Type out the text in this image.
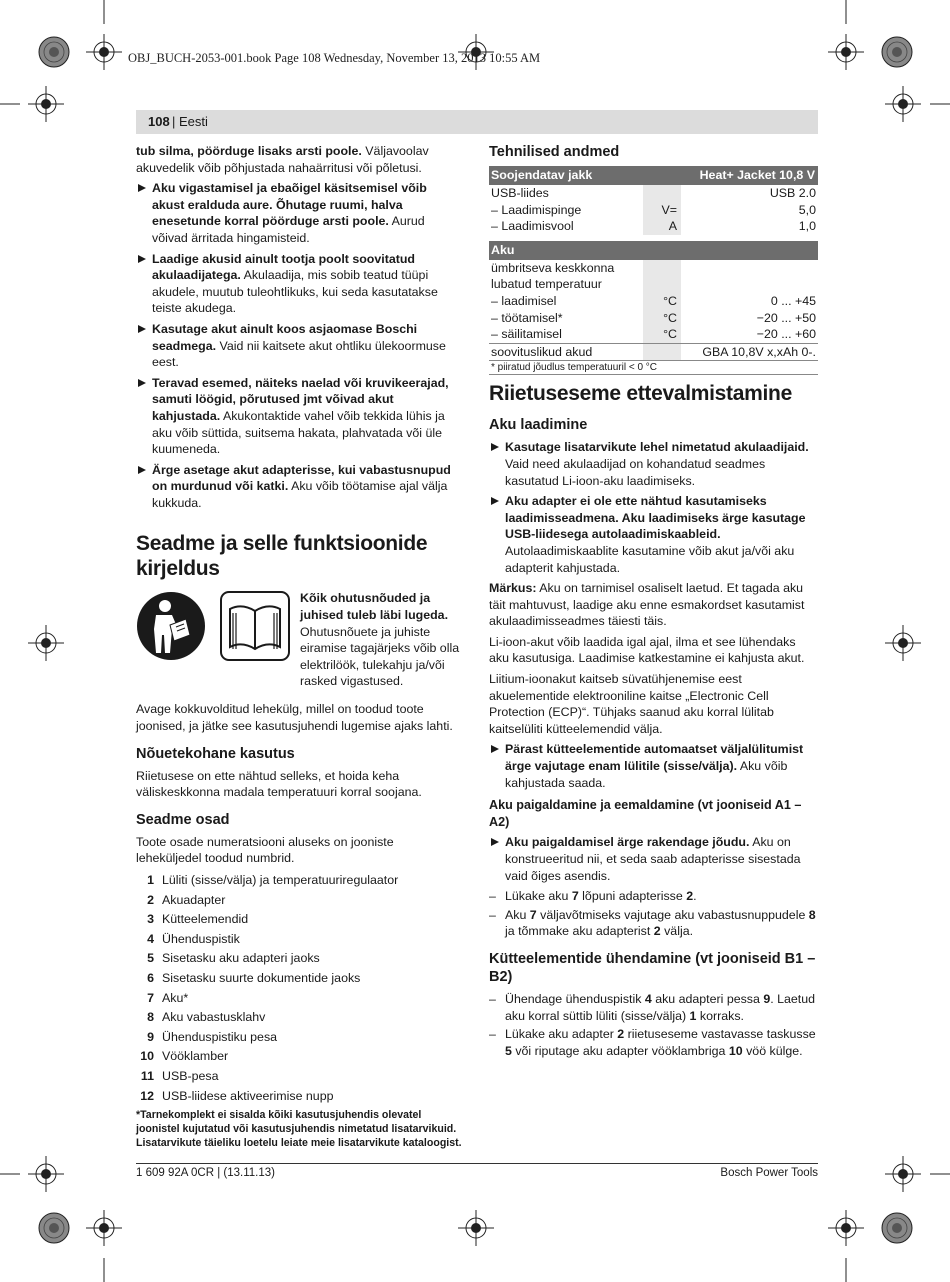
OBJ_BUCH-2053-001.book Page 108 Wednesday, November 13, 2013 10:55 AM
108 | Eesti

tub silma, pöörduge lisaks arsti poole. Väljavoolav akuvedelik võib põhjustada nahaärritusi või põletusi.

Aku vigastamisel ja ebaõigel käsitsemisel võib akust eralduda aure. Õhutage ruumi, halva enesetunde korral pöörduge arsti poole. Aurud võivad ärritada hingamisteid.
Laadige akusid ainult tootja poolt soovitatud akulaadijatega. Akulaadija, mis sobib teatud tüüpi akudele, muutub tuleohtlikuks, kui seda kasutatakse teiste akudega.
Kasutage akut ainult koos asjaomase Boschi seadmega. Vaid nii kaitsete akut ohtliku ülekoormuse eest.
Teravad esemed, näiteks naelad või kruvikeerajad, samuti löögid, põrutused jmt võivad akut kahjustada. Akukontaktide vahel võib tekkida lühis ja aku võib süttida, suitsema hakata, plahvatada või üle kuumeneda.
Ärge asetage akut adapterisse, kui vabastusnupud on murdunud või katki. Aku võib töötamise ajal välja kukkuda.
Seadme ja selle funktsioonide kirjeldus
Kõik ohutusnõuded ja juhised tuleb läbi lugeda. Ohutusnõuete ja juhiste eiramise tagajärjeks võib olla elektrilöök, tulekahju ja/või rasked vigastused.

Avage kokkuvolditud lehekülg, millel on toodud toote joonised, ja jätke see kasutusjuhendi lugemise ajaks lahti.

Nõuetekohane kasutus

Riietusese on ette nähtud selleks, et hoida keha väliskeskkonna madala temperatuuri korral soojana.

Seadme osad

Toote osade numeratsiooni aluseks on jooniste leheküljedel toodud numbrid.

1 Lüliti (sisse/välja) ja temperatuuriregulaator
2 Akuadapter
3 Kütteelemendid
4 Ühenduspistik
5 Sisetasku aku adapteri jaoks
6 Sisetasku suurte dokumentide jaoks
7 Aku*
8 Aku vabastusklahv
9 Ühenduspistiku pesa
10 Vööklamber
11 USB-pesa
12 USB-liidese aktiveerimise nupp
*Tarnekomplekt ei sisalda kõiki kasutusjuhendis olevatel joonistel kujutatud või kasutusjuhendis nimetatud lisatarvikuid. Lisatarvikute täieliku loetelu leiate meie lisatarvikute kataloogist.
Tehnilised andmed
Soojendatav jakk		Heat+ Jacket 10,8 V
USB-liides		USB 2.0
– Laadimispinge	V=	5,0
– Laadimisvool	A	1,0

Aku		
ümbritseva keskkonna		
lubatud temperatuur		
– laadimisel	°C	0 ... +45
– töötamisel*	°C	−20 ... +50
– säilitamisel	°C	−20 ... +60
soovituslikud akud		GBA 10,8V x,xAh 0-.
* piiratud jõudlus temperatuuril < 0 °C		
Riietuseseme ettevalmistamine
Aku laadimine
Kasutage lisatarvikute lehel nimetatud akulaadijaid. Vaid need akulaadijad on kohandatud seadmes kasutatud Li-ioon-aku laadimiseks.
Aku adapter ei ole ette nähtud kasutamiseks laadimisseadmena. Aku laadimiseks ärge kasutage USB-liidesega autolaadimiskaableid. Autolaadimiskaablite kasutamine võib akut ja/või aku adapterit kahjustada.

Märkus: Aku on tarnimisel osaliselt laetud. Et tagada aku täit mahtuvust, laadige aku enne esmakordset kasutamist akulaadimisseadmes täiesti täis.

Li-ioon-akut võib laadida igal ajal, ilma et see lühendaks aku kasutusiga. Laadimise katkestamine ei kahjusta akut.

Liitium-ioonakut kaitseb süvatühjenemise eest akuelementide elektrooniline kaitse „Electronic Cell Protection (ECP)“. Tühjaks saanud aku korral lülitab kaitselüliti kütteelemendid välja.

Pärast kütteelementide automaatset väljalülitumist ärge vajutage enam lülitile (sisse/välja). Aku võib kahjustada saada.
Aku paigaldamine ja eemaldamine (vt jooniseid A1 – A2)
Aku paigaldamisel ärge rakendage jõudu. Aku on konstrueeritud nii, et seda saab adapterisse sisestada vaid õiges asendis.
– Lükake aku 7 lõpuni adapterisse 2.
– Aku 7 väljavõtmiseks vajutage aku vabastusnuppudele 8 ja tõmmake aku adapterist 2 välja.
Kütteelementide ühendamine (vt jooniseid B1 – B2)
– Ühendage ühenduspistik 4 aku adapteri pessa 9. Laetud aku korral süttib lüliti (sisse/välja) 1 korraks.
– Lükake aku adapter 2 riietuseseme vastavasse taskusse 5 või riputage aku adapter vööklambriga 10 vöö külge.
1 609 92A 0CR | (13.11.13)	Bosch Power Tools
